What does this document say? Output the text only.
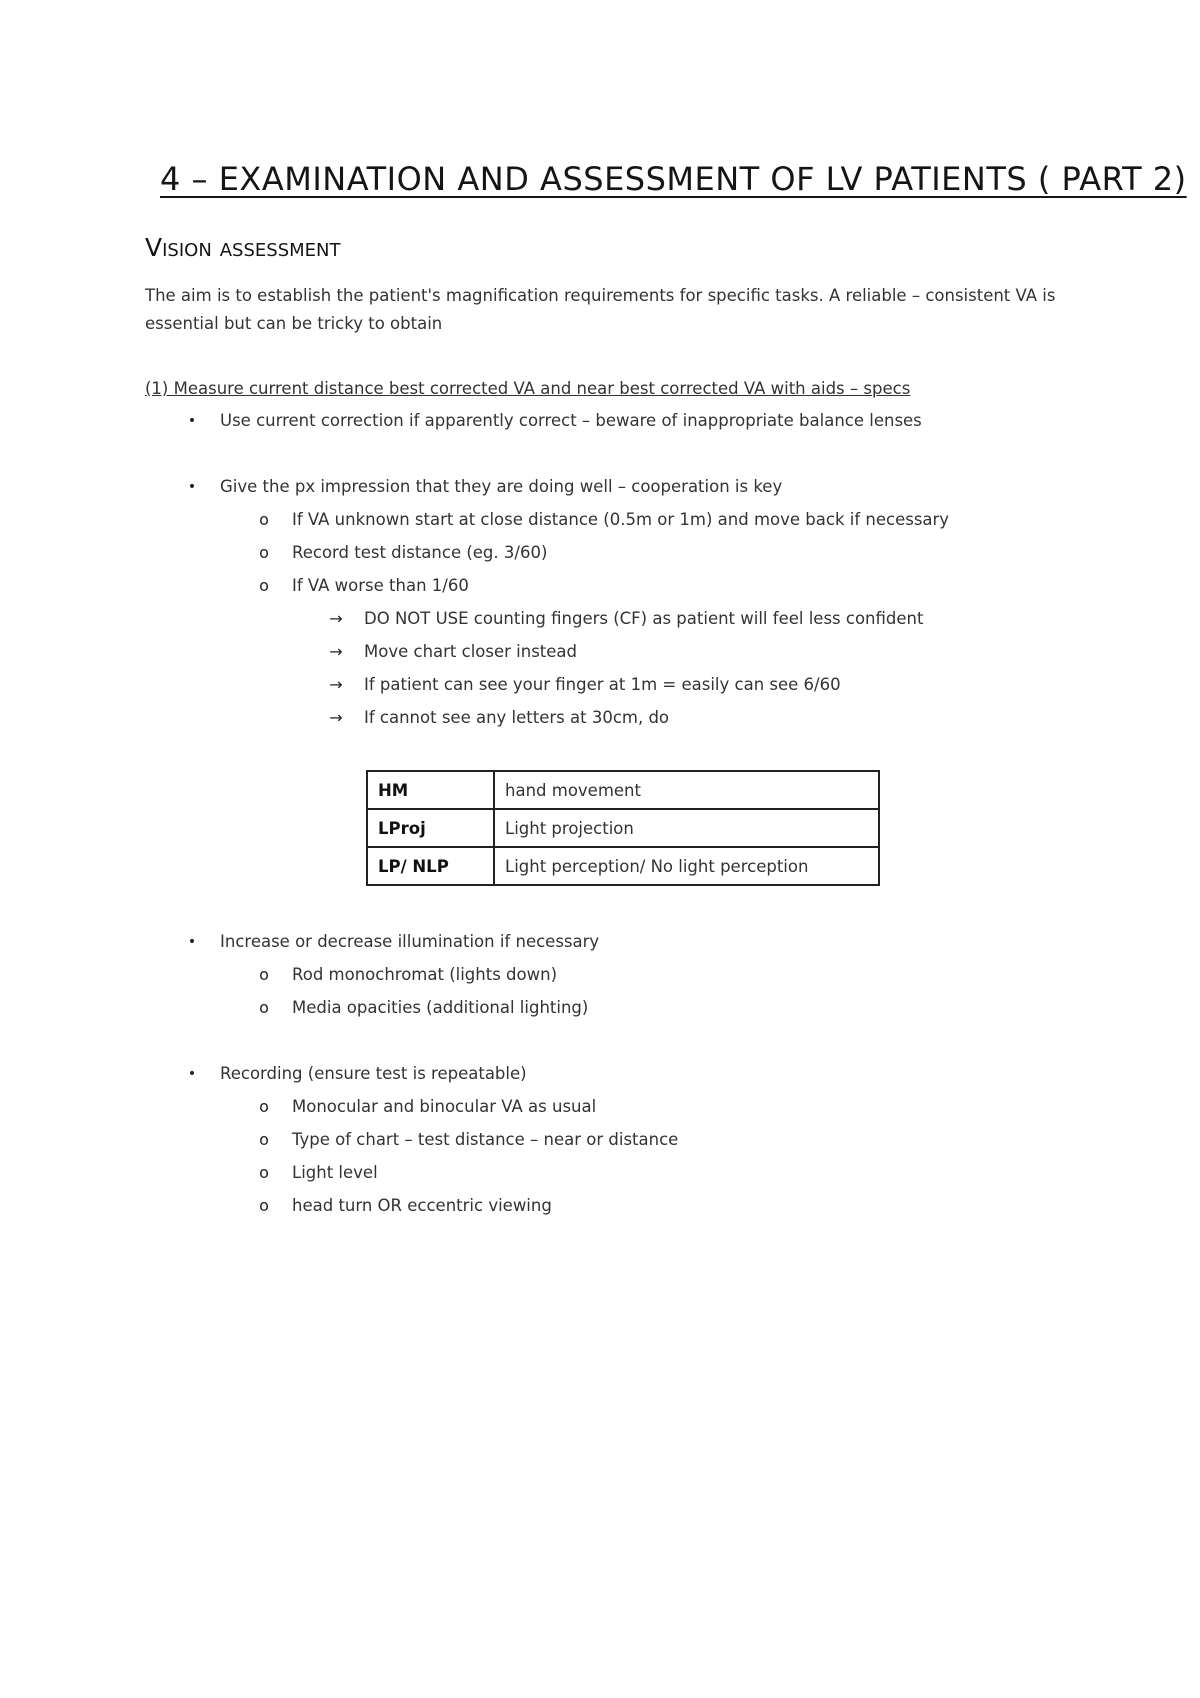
4 – EXAMINATION AND ASSESSMENT OF LV PATIENTS ( PART 2)
Vision assessment

The aim is to establish the patient's magnification requirements for specific tasks. A reliable – consistent VA is essential but can be tricky to obtain

(1) Measure current distance best corrected VA and near best corrected VA with aids – specs

•	Use current correction if apparently correct – beware of inappropriate balance lenses
•	Give the px impression that they are doing well – cooperation is key
o	If VA unknown start at close distance (0.5m or 1m) and move back if necessary
o	Record test distance (eg. 3/60)
o	If VA worse than 1/60
→	DO NOT USE counting fingers (CF) as patient will feel less confident
→	Move chart closer instead
→	If patient can see your finger at 1m = easily can see 6/60
→	If cannot see any letters at 30cm, do
HM	hand movement
LProj	Light projection
LP/ NLP	Light perception/ No light perception
•	Increase or decrease illumination if necessary
o	Rod monochromat (lights down)
o	Media opacities (additional lighting)
•	Recording (ensure test is repeatable)
o	Monocular and binocular VA as usual
o	Type of chart – test distance – near or distance
o	Light level
o	head turn OR eccentric viewing
